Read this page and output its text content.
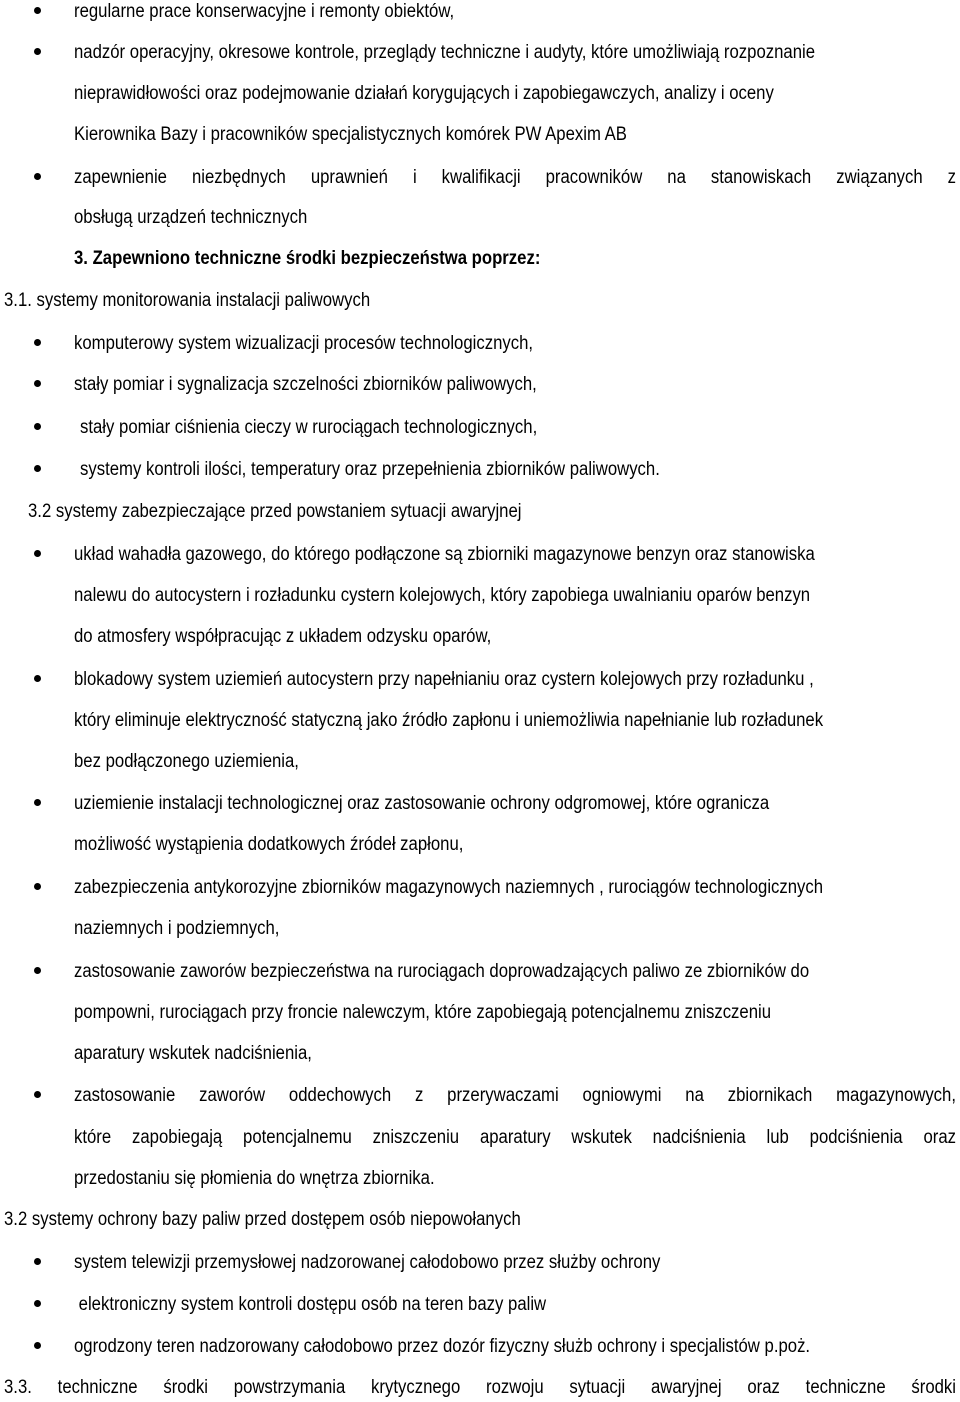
regularne prace konserwacyjne i remonty obiektów,
nadzór operacyjny, okresowe kontrole, przeglądy techniczne i audyty, które umożliwiają rozpoznanie
nieprawidłowości oraz podejmowanie działań korygujących i zapobiegawczych, analizy i oceny
Kierownika Bazy i pracowników specjalistycznych komórek PW Apexim AB
zapewnienie niezbędnych uprawnień i kwalifikacji pracowników na stanowiskach związanych z
obsługą urządzeń technicznych
3. Zapewniono techniczne środki bezpieczeństwa poprzez:
3.1. systemy monitorowania instalacji paliwowych
komputerowy system wizualizacji procesów technologicznych,
stały pomiar i sygnalizacja szczelności zbiorników paliwowych,
stały pomiar ciśnienia cieczy w rurociągach technologicznych,
systemy kontroli ilości, temperatury oraz przepełnienia zbiorników paliwowych.
3.2 systemy zabezpieczające przed powstaniem sytuacji awaryjnej
układ wahadła gazowego, do którego podłączone są zbiorniki magazynowe benzyn oraz stanowiska
nalewu do autocystern i rozładunku cystern kolejowych, który zapobiega uwalnianiu oparów benzyn
do atmosfery współpracując z układem odzysku oparów,
blokadowy system uziemień autocystern przy napełnianiu oraz cystern kolejowych przy rozładunku ,
który eliminuje elektryczność statyczną jako źródło zapłonu i uniemożliwia napełnianie lub rozładunek
bez podłączonego uziemienia,
uziemienie instalacji technologicznej oraz zastosowanie ochrony odgromowej, które ogranicza
możliwość wystąpienia dodatkowych źródeł zapłonu,
zabezpieczenia antykorozyjne zbiorników magazynowych naziemnych , rurociągów technologicznych
naziemnych i podziemnych,
zastosowanie zaworów bezpieczeństwa na rurociągach doprowadzających paliwo ze zbiorników do
pompowni, rurociągach przy froncie nalewczym, które zapobiegają potencjalnemu zniszczeniu
aparatury wskutek nadciśnienia,
zastosowanie zaworów oddechowych z przerywaczami ogniowymi na zbiornikach magazynowych,
które zapobiegają potencjalnemu zniszczeniu aparatury wskutek nadciśnienia lub podciśnienia oraz
przedostaniu się płomienia do wnętrza zbiornika.
3.2 systemy ochrony bazy paliw przed dostępem osób niepowołanych
system telewizji przemysłowej nadzorowanej całodobowo przez służby ochrony
elektroniczny system kontroli dostępu osób na teren bazy paliw
ogrodzony teren nadzorowany całodobowo przez dozór fizyczny służb ochrony i specjalistów p.poż.
3.3. techniczne środki powstrzymania krytycznego rozwoju sytuacji awaryjnej oraz techniczne środki
